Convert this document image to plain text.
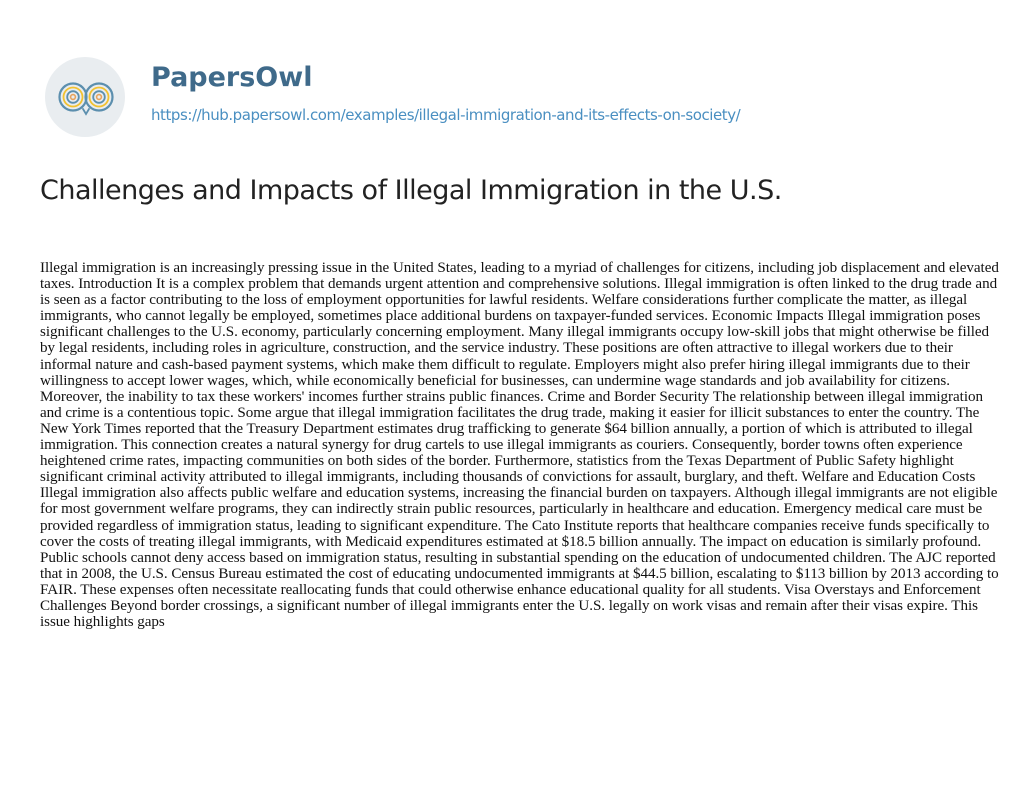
PapersOwl
https://hub.papersowl.com/examples/illegal-immigration-and-its-effects-on-society/
Challenges and Impacts of Illegal Immigration in the U.S.

Illegal immigration is an increasingly pressing issue in the United States, leading to a myriad of challenges for citizens, including job displacement and elevated taxes. Introduction It is a complex problem that demands urgent attention and comprehensive solutions. Illegal immigration is often linked to the drug trade and is seen as a factor contributing to the loss of employment opportunities for lawful residents. Welfare considerations further complicate the matter, as illegal immigrants, who cannot legally be employed, sometimes place additional burdens on taxpayer-funded services. Economic Impacts Illegal immigration poses significant challenges to the U.S. economy, particularly concerning employment. Many illegal immigrants occupy low-skill jobs that might otherwise be filled by legal residents, including roles in agriculture, construction, and the service industry. These positions are often attractive to illegal workers due to their informal nature and cash-based payment systems, which make them difficult to regulate. Employers might also prefer hiring illegal immigrants due to their willingness to accept lower wages, which, while economically beneficial for businesses, can undermine wage standards and job availability for citizens. Moreover, the inability to tax these workers' incomes further strains public finances. Crime and Border Security The relationship between illegal immigration and crime is a contentious topic. Some argue that illegal immigration facilitates the drug trade, making it easier for illicit substances to enter the country. The New York Times reported that the Treasury Department estimates drug trafficking to generate $64 billion annually, a portion of which is attributed to illegal immigration. This connection creates a natural synergy for drug cartels to use illegal immigrants as couriers. Consequently, border towns often experience heightened crime rates, impacting communities on both sides of the border. Furthermore, statistics from the Texas Department of Public Safety highlight significant criminal activity attributed to illegal immigrants, including thousands of convictions for assault, burglary, and theft. Welfare and Education Costs Illegal immigration also affects public welfare and education systems, increasing the financial burden on taxpayers. Although illegal immigrants are not eligible for most government welfare programs, they can indirectly strain public resources, particularly in healthcare and education. Emergency medical care must be provided regardless of immigration status, leading to significant expenditure. The Cato Institute reports that healthcare companies receive funds specifically to cover the costs of treating illegal immigrants, with Medicaid expenditures estimated at $18.5 billion annually. The impact on education is similarly profound. Public schools cannot deny access based on immigration status, resulting in substantial spending on the education of undocumented children. The AJC reported that in 2008, the U.S. Census Bureau estimated the cost of educating undocumented immigrants at $44.5 billion, escalating to $113 billion by 2013 according to FAIR. These expenses often necessitate reallocating funds that could otherwise enhance educational quality for all students. Visa Overstays and Enforcement Challenges Beyond border crossings, a significant number of illegal immigrants enter the U.S. legally on work visas and remain after their visas expire. This issue highlights gaps
